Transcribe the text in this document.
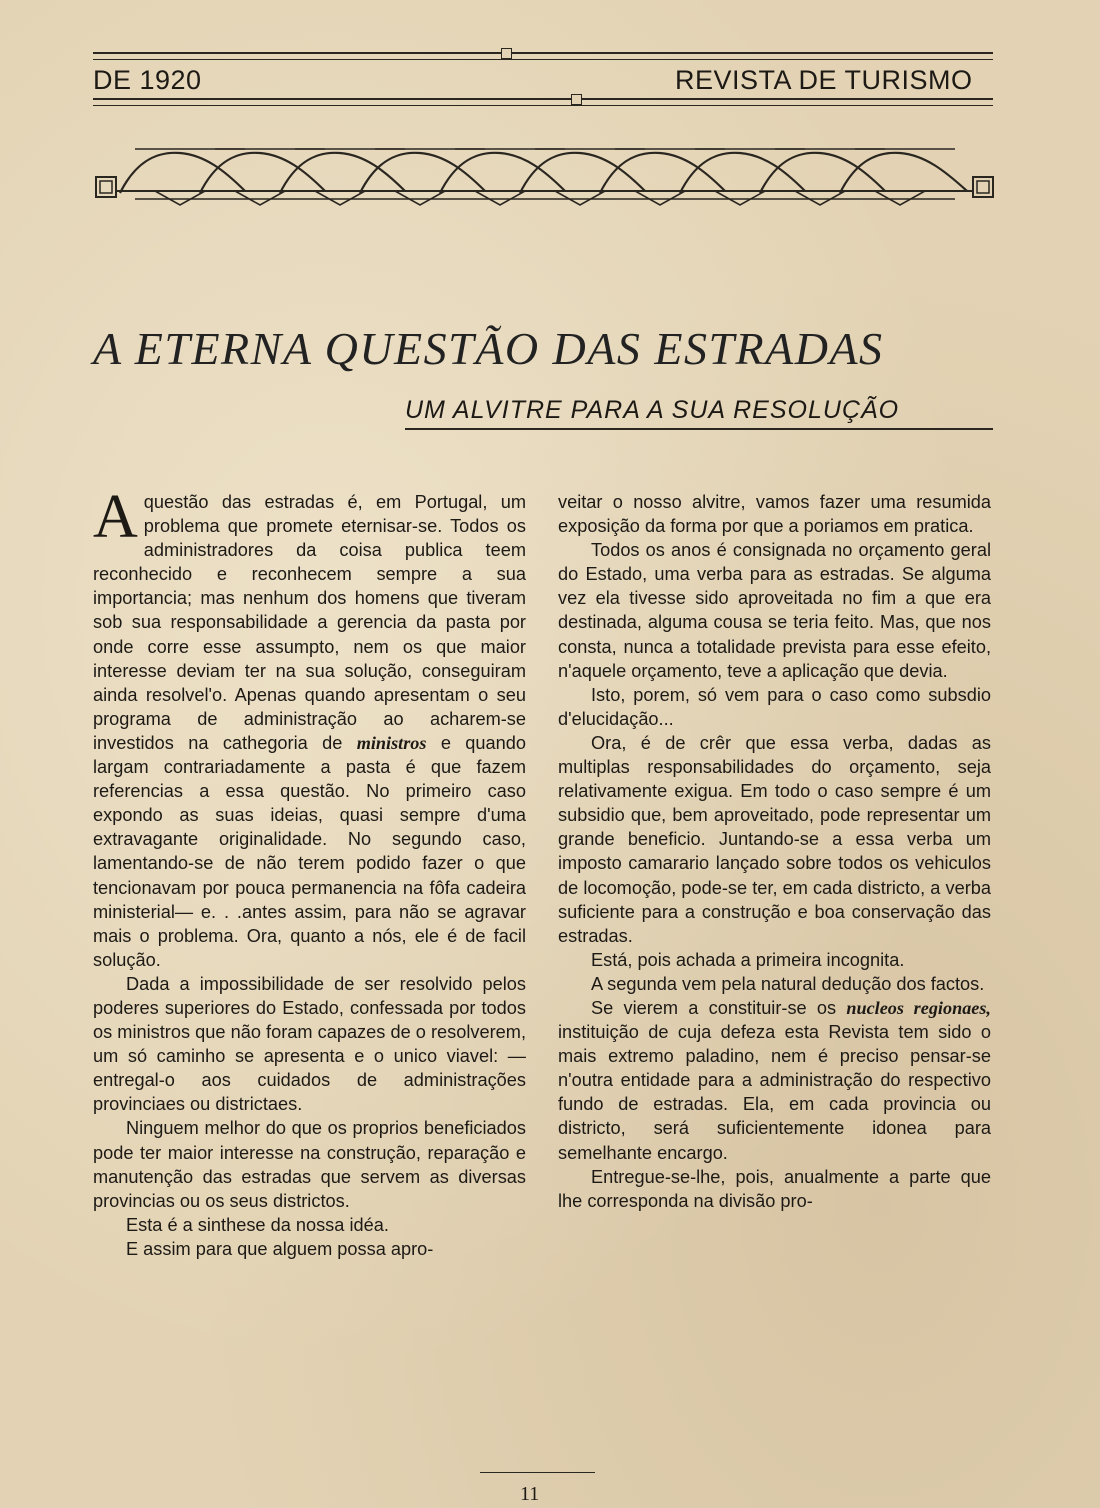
DE 1920	REVISTA DE TURISMO
A ETERNA QUESTÃO DAS ESTRADAS
UM ALVITRE PARA A SUA RESOLUÇÃO

Aquestão das estradas é, em Portugal, um problema que promete eternisar-se. Todos os administradores da coisa publica teem reconhecido e reconhecem sempre a sua importancia; mas nenhum dos homens que tiveram sob sua responsabilidade a gerencia da pasta por onde corre esse assumpto, nem os que maior interesse deviam ter na sua solução, conseguiram ainda resolvel'o. Apenas quando apresentam o seu programa de administração ao acharem-se investidos na cathegoria de ministros e quando largam contrariadamente a pasta é que fazem referencias a essa questão. No primeiro caso expondo as suas ideias, quasi sempre d'uma extravagante originalidade. No segundo caso, lamentando-se de não terem podido fazer o que tencionavam por pouca permanencia na fôfa cadeira ministerial— e. . .antes assim, para não se agravar mais o problema. Ora, quanto a nós, ele é de facil solução.

Dada a impossibilidade de ser resolvido pelos poderes superiores do Estado, confessada por todos os ministros que não foram capazes de o resolverem, um só caminho se apresenta e o unico viavel: — entregal-o aos cuidados de administrações provinciaes ou districtaes.

Ninguem melhor do que os proprios beneficiados pode ter maior interesse na construção, reparação e manutenção das estradas que servem as diversas provincias ou os seus districtos.

Esta é a sinthese da nossa idéa.

E assim para que alguem possa apro-

veitar o nosso alvitre, vamos fazer uma resumida exposição da forma por que a poriamos em pratica.

Todos os anos é consignada no orçamento geral do Estado, uma verba para as estradas. Se alguma vez ela tivesse sido aproveitada no fim a que era destinada, alguma cousa se teria feito. Mas, que nos consta, nunca a totalidade prevista para esse efeito, n'aquele orçamento, teve a aplicação que devia.

Isto, porem, só vem para o caso como subsdio d'elucidação...

Ora, é de crêr que essa verba, dadas as multiplas responsabilidades do orçamento, seja relativamente exigua. Em todo o caso sempre é um subsidio que, bem aproveitado, pode representar um grande beneficio. Juntando-se a essa verba um imposto camarario lançado sobre todos os vehiculos de locomoção, pode-se ter, em cada districto, a verba suficiente para a construção e boa conservação das estradas.

Está, pois achada a primeira incognita.

A segunda vem pela natural dedução dos factos.

Se vierem a constituir-se os nucleos regionaes, instituição de cuja defeza esta Revista tem sido o mais extremo paladino, nem é preciso pensar-se n'outra entidade para a administração do respectivo fundo de estradas. Ela, em cada provincia ou districto, será suficientemente idonea para semelhante encargo.

Entregue-se-lhe, pois, anualmente a parte que lhe corresponda na divisão pro-

11
